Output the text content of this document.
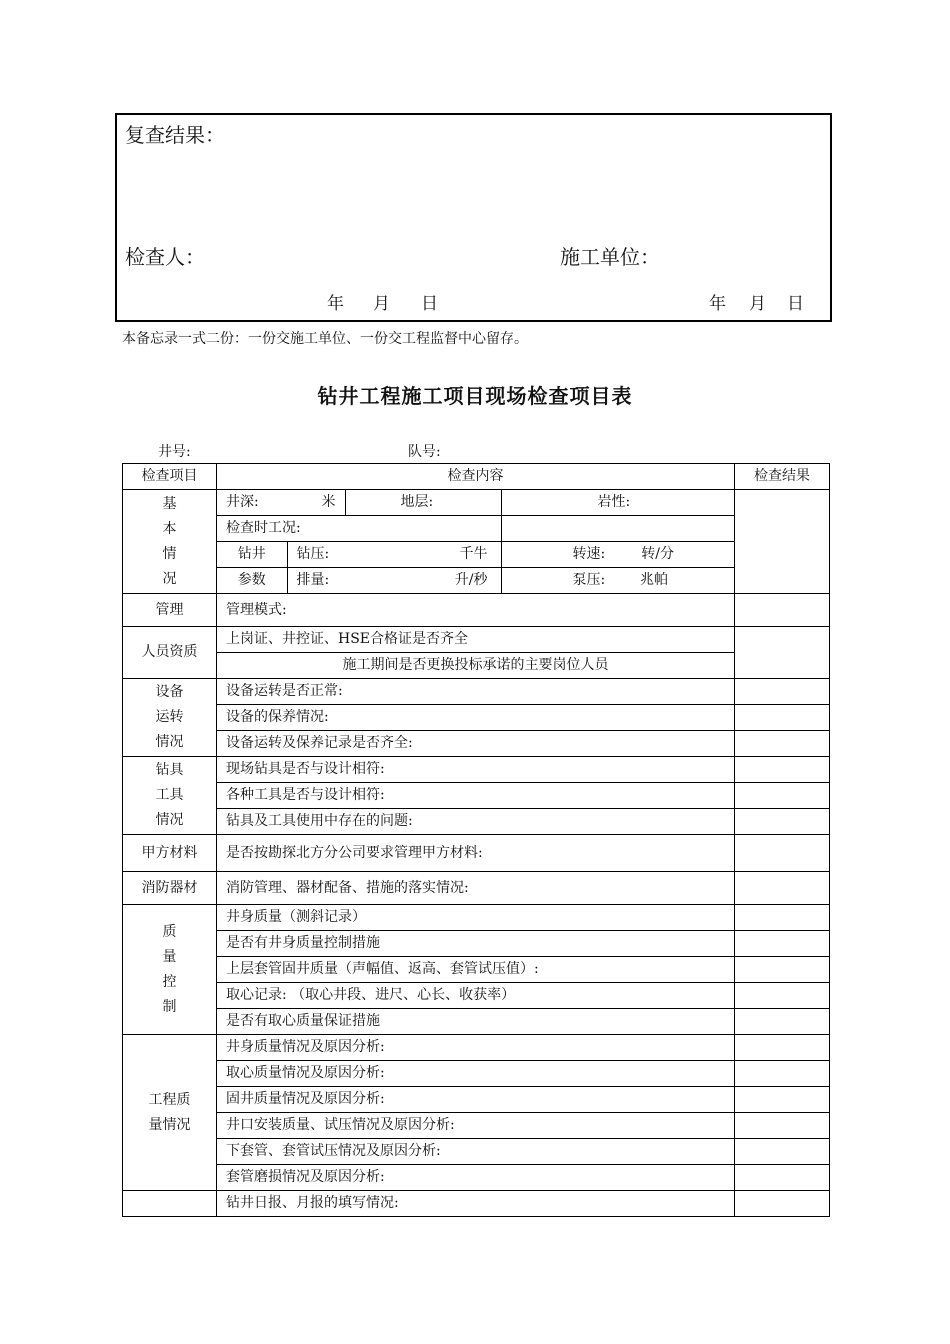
复查结果：
检查人：	施工单位：
年 月 日	年 月 日
本备忘录一式二份：一份交施工单位、一份交工程监督中心留存。
钻井工程施工项目现场检查项目表
井号:	队号:
检查项目	检查内容	检查结果

基
本
情
况

井深:	米	地层:	岩性:
检查时工况:	
钻井	钻压:	千牛	转速:	转/分

参数	排量:	升/秒	泵压: 兆帕

管理	管理模式:	
人员资质	上岗证、井控证、HSE合格证是否齐全	
施工期间是否更换投标承诺的主要岗位人员

设备
运转
情况
	设备运转是否正常:	
设备的保养情况:	
设备运转及保养记录是否齐全:	

钻具
工具
情况
	现场钻具是否与设计相符:	
各种工具是否与设计相符:	
钻具及工具使用中存在的问题:	
甲方材料	是否按勘探北方分公司要求管理甲方材料:	
消防器材	消防管理、器材配备、措施的落实情况:	

质
量
控
制
	井身质量（测斜记录）	
是否有井身质量控制措施	
上层套管固井质量（声幅值、返高、套管试压值）:	
取心记录: （取心井段、进尺、心长、收获率）	
是否有取心质量保证措施	

工程质
量情况
	井身质量情况及原因分析:	
取心质量情况及原因分析:	
固井质量情况及原因分析:	
井口安装质量、试压情况及原因分析:	
下套管、套管试压情况及原因分析:	
套管磨损情况及原因分析:	
	钻井日报、月报的填写情况:	
